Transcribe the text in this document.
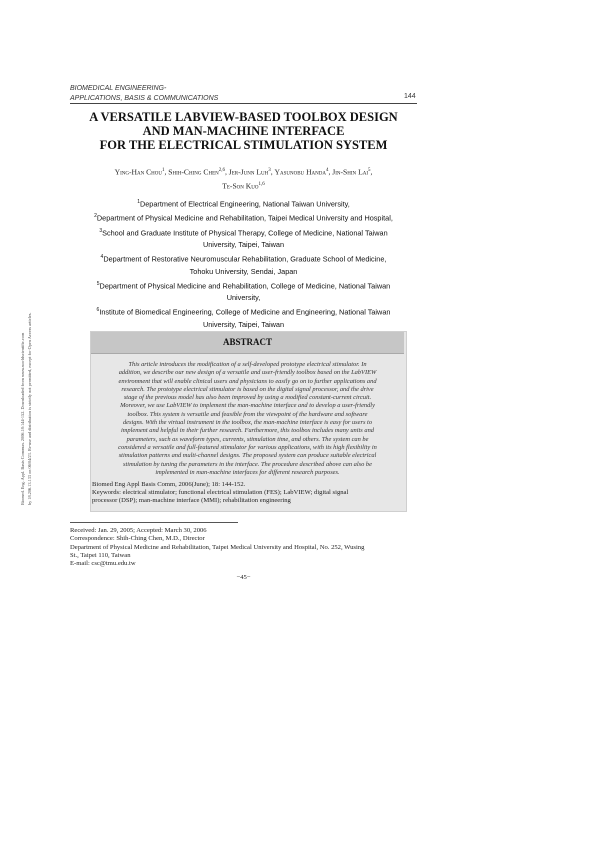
BIOMEDICAL ENGINEERING-
APPLICATIONS, BASIS & COMMUNICATIONS	144
A VERSATILE LABVIEW-BASED TOOLBOX DESIGN
AND MAN-MACHINE INTERFACE
FOR THE ELECTRICAL STIMULATION SYSTEM
Ying-Han Chou$^1$, Shih-Ching Chen$^{2,6}$, Jer-Junn Luh$^3$, Yasunobu Handa$^4$, Jin-Shin Lai$^5$,
Te-Son Kuo$^{1,6}$

$^1$Department of Electrical Engineering, National Taiwan University,

$^2$Department of Physical Medicine and Rehabilitation, Taipei Medical University and Hospital,

$^3$School and Graduate Institute of Physical Therapy, College of Medicine, National Taiwan

University, Taipei, Taiwan

$^4$Department of Restorative Neuromuscular Rehabilitation, Graduate School of Medicine,

Tohoku University, Sendai, Japan

$^5$Department of Physical Medicine and Rehabilitation, College of Medicine, National Taiwan

University,

$^6$Institute of Biomedical Engineering, College of Medicine and Engineering, National Taiwan

University, Taipei, Taiwan

ABSTRACT
This article introduces the modification of a self-developed prototype electrical stimulator. In
addition, we describe our new design of a versatile and user-friendly toolbox based on the LabVIEW
environment that will enable clinical users and physicians to easily go on to further applications and
research. The prototype electrical stimulator is based on the digital signal processor, and the drive
stage of the previous model has also been improved by using a modified constant-current circuit.
Moreover, we use LabVIEW to implement the man-machine interface and to develop a user-friendly
toolbox. This system is versatile and feasible from the viewpoint of the hardware and software
designs. With the virtual instrument in the toolbox, the man-machine interface is easy for users to
implement and helpful in their further research. Furthermore, this toolbox includes many units and
parameters, such as waveform types, currents, stimulation time, and others. The system can be
considered a versatile and full-featured stimulator for various applications, with its high flexibility in
stimulation patterns and multi-channel designs. The proposed system can produce suitable electrical
stimulation by tuning the parameters in the interface. The procedure described above can also be
implemented in man-machine interfaces for different research purposes.
Biomed Eng Appl Basis Comm, 2006(June); 18: 144-152.
Keywords: electrical stimulator; functional electrical stimulation (FES); LabVIEW; digital signal
processor (DSP); man-machine interface (MMI); rehabilitation engineering
Received: Jan. 29, 2005; Accepted: March 30, 2006
Correspondence: Shih-Ching Chen, M.D., Director
Department of Physical Medicine and Rehabilitation, Taipei Medical University and Hospital, No. 252, Wusing
St., Taipei 110, Taiwan
E-mail: csc@tmu.edu.tw
−45−
Biomed. Eng. Appl. Basis Commun. 2006.18:144-152. Downloaded from www.worldscientific.com by 18.206.13.133 on 06/04/23. Re-use and distribution is strictly not permitted, except for Open Access articles.
